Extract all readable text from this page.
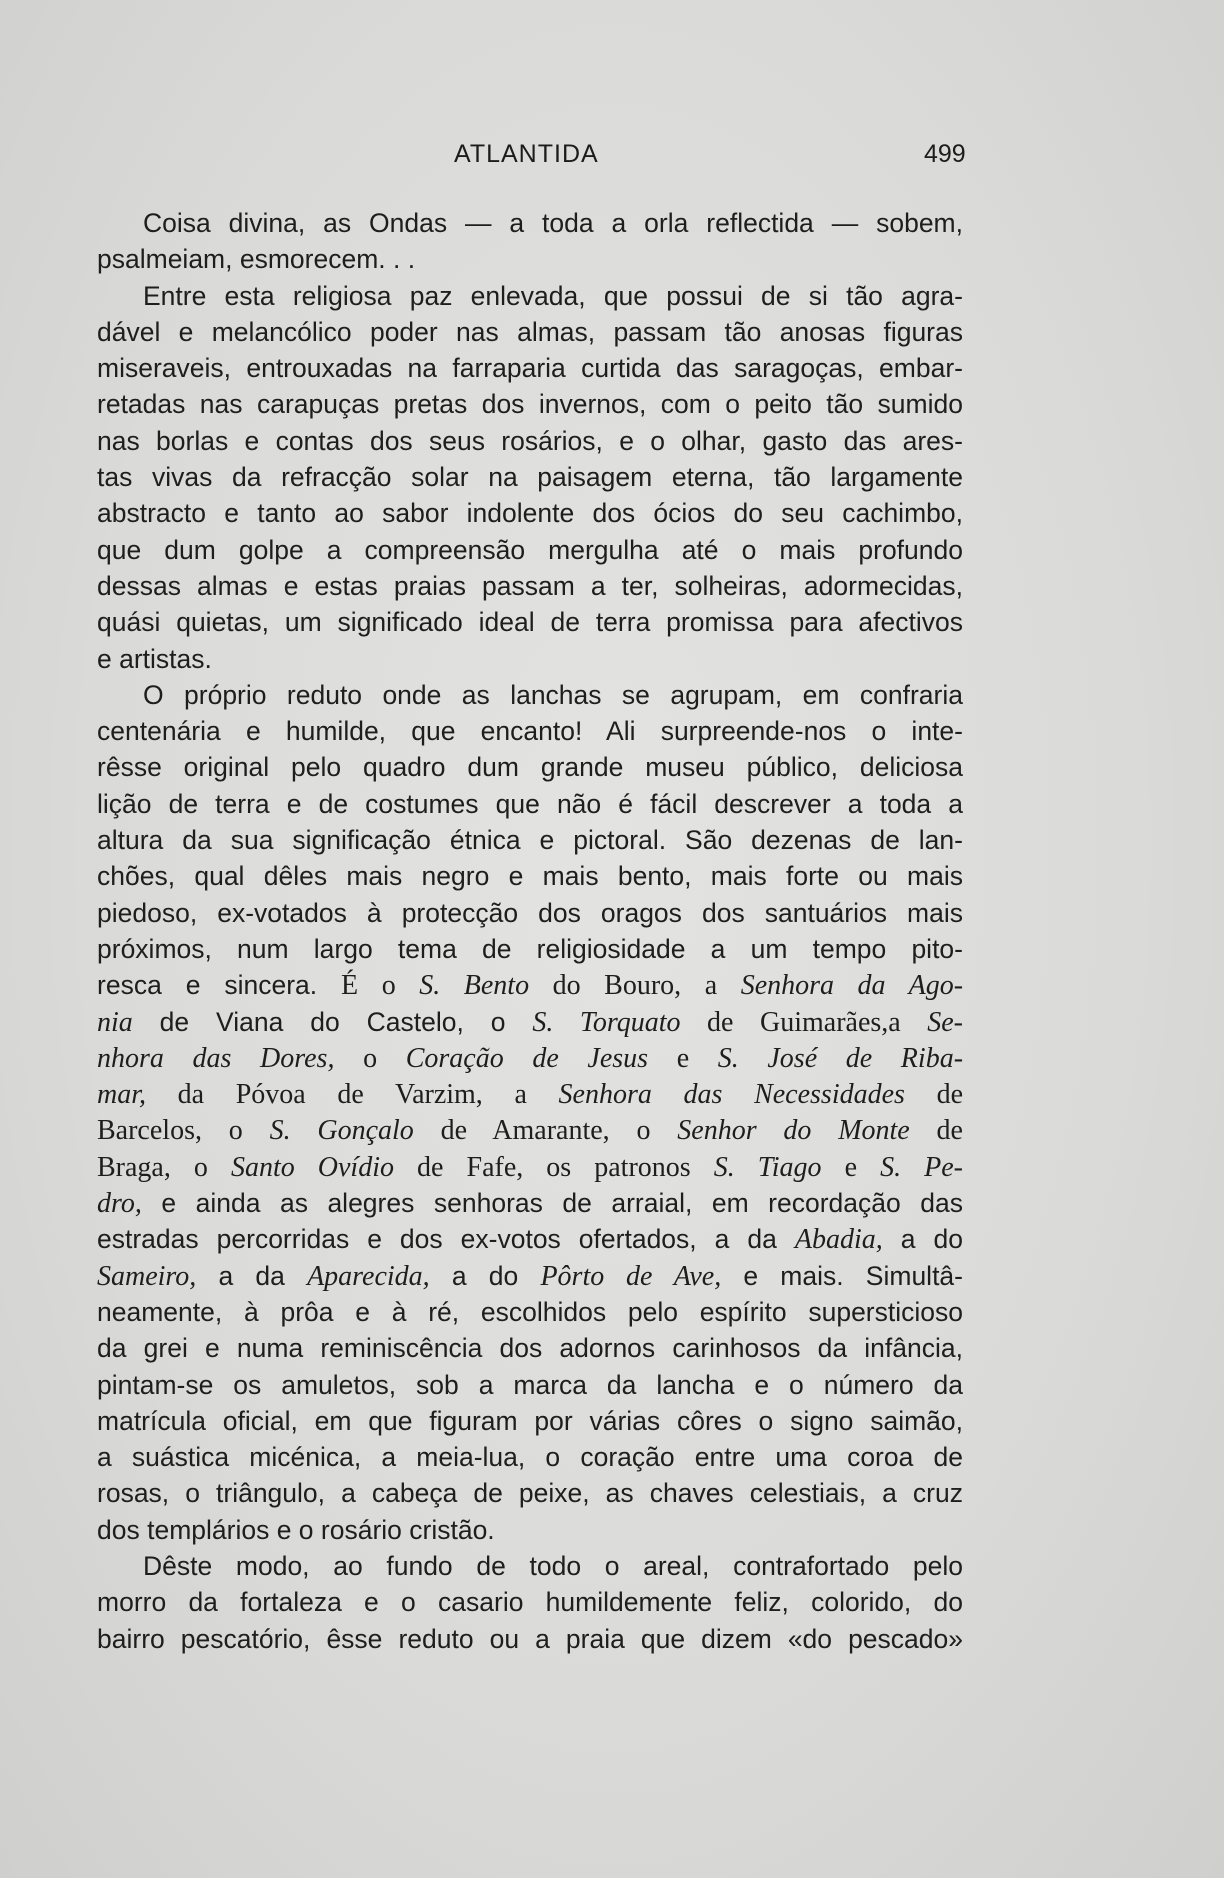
ATLANTIDA	499
Coisa divina, as Ondas — a toda a orla reflectida — sobem,
psalmeiam, esmorecem. . .
Entre esta religiosa paz enlevada, que possui de si tão agra-
dável e melancólico poder nas almas, passam tão anosas figuras
miseraveis, entrouxadas na farraparia curtida das saragoças, embar-
retadas nas carapuças pretas dos invernos, com o peito tão sumido
nas borlas e contas dos seus rosários, e o olhar, gasto das ares-
tas vivas da refracção solar na paisagem eterna, tão largamente
abstracto e tanto ao sabor indolente dos ócios do seu cachimbo,
que dum golpe a compreensão mergulha até o mais profundo
dessas almas e estas praias passam a ter, solheiras, adormecidas,
quási quietas, um significado ideal de terra promissa para afectivos
e artistas.
O próprio reduto onde as lanchas se agrupam, em confraria
centenária e humilde, que encanto! Ali surpreende-nos o inte-
rêsse original pelo quadro dum grande museu público, deliciosa
lição de terra e de costumes que não é fácil descrever a toda a
altura da sua significação étnica e pictoral. São dezenas de lan-
chões, qual dêles mais negro e mais bento, mais forte ou mais
piedoso, ex-votados à protecção dos oragos dos santuários mais
próximos, num largo tema de religiosidade a um tempo pito-
resca e sincera. É o S. Bento do Bouro, a Senhora da Ago-
nia de Viana do Castelo, o S. Torquato de Guimarães,a Se-
nhora das Dores, o Coração de Jesus e S. José de Riba-
mar, da Póvoa de Varzim, a Senhora das Necessidades de
Barcelos, o S. Gonçalo de Amarante, o Senhor do Monte de
Braga, o Santo Ovídio de Fafe, os patronos S. Tiago e S. Pe-
dro, e ainda as alegres senhoras de arraial, em recordação das
estradas percorridas e dos ex-votos ofertados, a da Abadia, a do
Sameiro, a da Aparecida, a do Pôrto de Ave, e mais. Simultâ-
neamente, à prôa e à ré, escolhidos pelo espírito supersticioso
da grei e numa reminiscência dos adornos carinhosos da infância,
pintam-se os amuletos, sob a marca da lancha e o número da
matrícula oficial, em que figuram por várias côres o signo saimão,
a suástica micénica, a meia-lua, o coração entre uma coroa de
rosas, o triângulo, a cabeça de peixe, as chaves celestiais, a cruz
dos templários e o rosário cristão.
Dêste modo, ao fundo de todo o areal, contrafortado pelo
morro da fortaleza e o casario humildemente feliz, colorido, do
bairro pescatório, êsse reduto ou a praia que dizem «do pescado»
